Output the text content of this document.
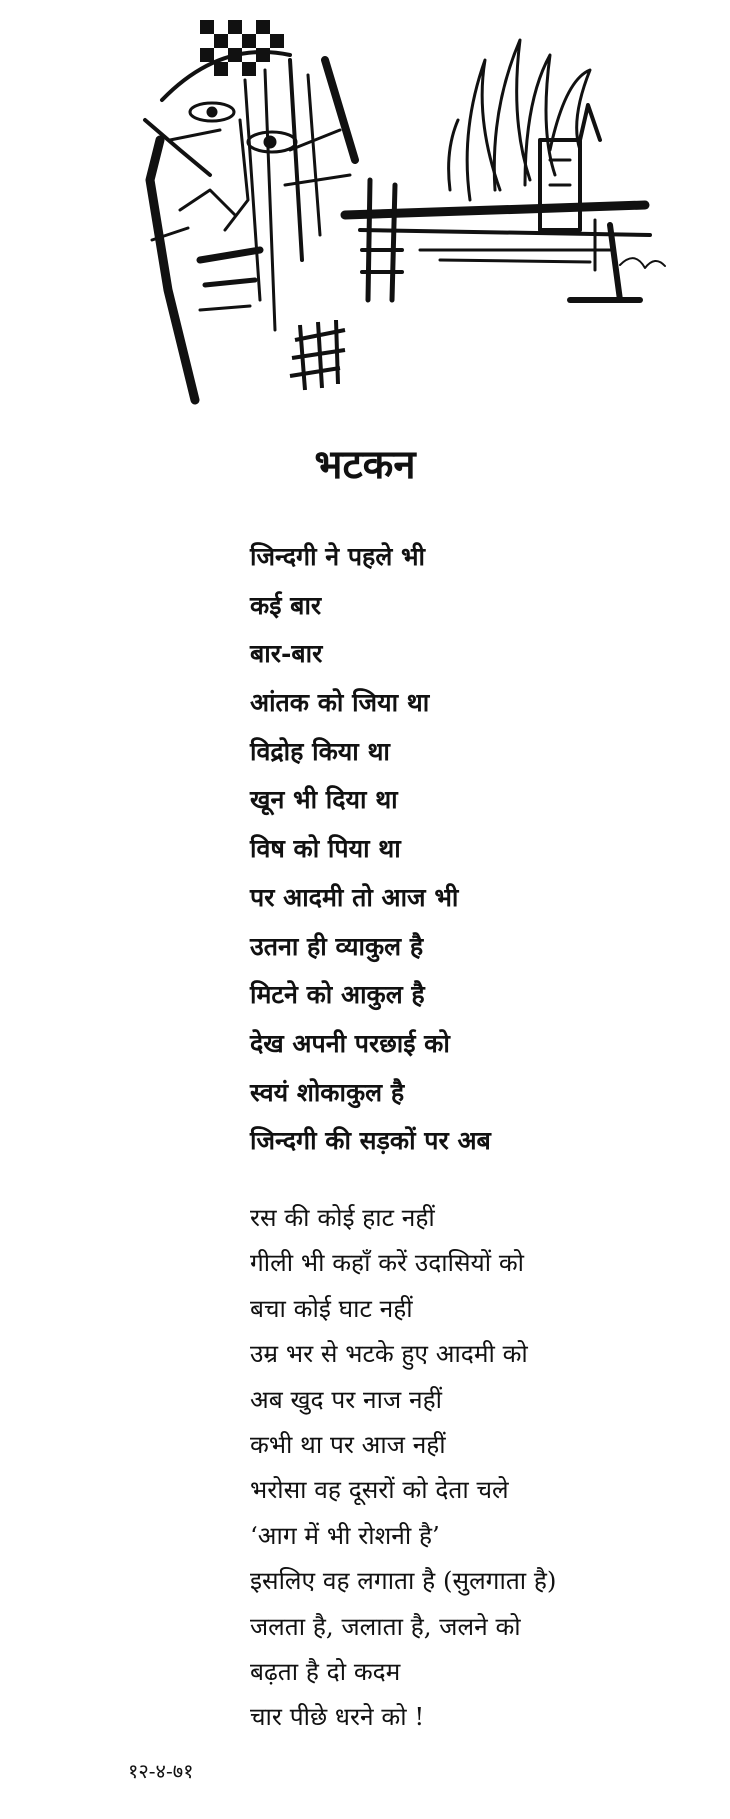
भटकन
जिन्दगी ने पहले भी
कई बार
बार-बार
आंतक को जिया था
विद्रोह किया था
खून भी दिया था
विष को पिया था
पर आदमी तो आज भी
उतना ही व्याकुल है
मिटने को आकुल है
देख अपनी परछाई को
स्वयं शोकाकुल है
जिन्दगी की सड़कों पर अब
रस की कोई हाट नहीं
गीली भी कहाँ करें उदासियों को
बचा कोई घाट नहीं
उम्र भर से भटके हुए आदमी को
अब खुद पर नाज नहीं
कभी था पर आज नहीं
भरोसा वह दूसरों को देता चले
‘आग में भी रोशनी है’
इसलिए वह लगाता है (सुलगाता है)
जलता है, जलाता है, जलने को
बढ़ता है दो कदम
चार पीछे धरने को !
१२-४-७१
